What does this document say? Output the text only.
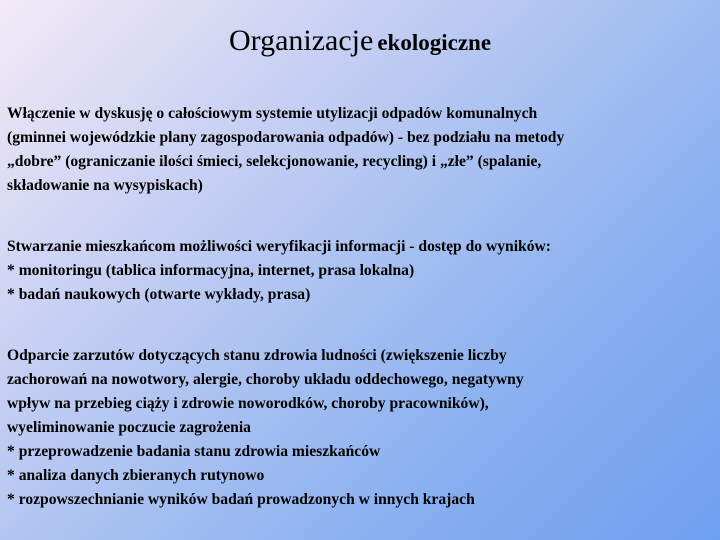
Organizacje ekologiczne

Włączenie w dyskusję o całościowym systemie utylizacji odpadów komunalnych
(gminnei wojewódzkie plany zagospodarowania odpadów) - bez podziału na metody
„dobre” (ograniczanie ilości śmieci, selekcjonowanie, recycling) i „złe” (spalanie,
składowanie na wysypiskach)

Stwarzanie mieszkańcom możliwości weryfikacji informacji - dostęp do wyników:
* monitoringu (tablica informacyjna, internet, prasa lokalna)
* badań naukowych (otwarte wykłady, prasa)

Odparcie zarzutów dotyczących stanu zdrowia ludności (zwiększenie liczby
zachorowań na nowotwory, alergie, choroby układu oddechowego, negatywny
wpływ na przebieg ciąży i zdrowie noworodków, choroby pracowników),
wyeliminowanie poczucie zagrożenia
* przeprowadzenie badania stanu zdrowia mieszkańców
* analiza danych zbieranych rutynowo
* rozpowszechnianie wyników badań prowadzonych w innych krajach
